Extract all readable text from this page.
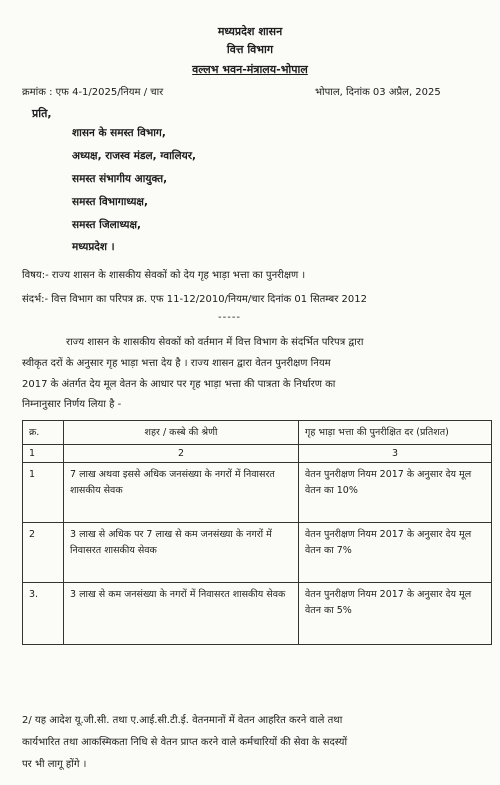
मध्यप्रदेश शासन
वित्त विभाग
वल्लभ भवन-मंत्रालय-भोपाल
क्रमांक : एफ 4-1/2025/नियम / चार	भोपाल, दिनांक 03 अप्रैल, 2025
प्रति,
शासन के समस्त विभाग,
अध्यक्ष, राजस्व मंडल, ग्वालियर,
समस्त संभागीय आयुक्त,
समस्त विभागाध्यक्ष,
समस्त जिलाध्यक्ष,
मध्यप्रदेश ।
विषय:- राज्य शासन के शासकीय सेवकों को देय गृह भाड़ा भत्ता का पुनरीक्षण ।
संदर्भ:- वित्त विभाग का परिपत्र क्र. एफ 11-12/2010/नियम/चार दिनांक 01 सितम्बर 2012
-----
राज्य शासन के शासकीय सेवकों को वर्तमान में वित्त विभाग के संदर्भित परिपत्र द्वारा
स्वीकृत दरों के अनुसार गृह भाड़ा भत्ता देय है । राज्य शासन द्वारा वेतन पुनरीक्षण नियम
2017 के अंतर्गत देय मूल वेतन के आधार पर गृह भाड़ा भत्ता की पात्रता के निर्धारण का
निम्नानुसार निर्णय लिया है -
क्र.	शहर / कस्बे की श्रेणी	गृह भाड़ा भत्ता की पुनरीक्षित दर (प्रतिशत)
1	2	3
1	7 लाख अथवा इससे अधिक जनसंख्या के नगरों में निवासरत शासकीय सेवक	वेतन पुनरीक्षण नियम 2017 के अनुसार देय मूल वेतन का 10%
2	3 लाख से अधिक पर 7 लाख से कम जनसंख्या के नगरों में निवासरत शासकीय सेवक	वेतन पुनरीक्षण नियम 2017 के अनुसार देय मूल वेतन का 7%
3.	3 लाख से कम जनसंख्या के नगरों में निवासरत शासकीय सेवक	वेतन पुनरीक्षण नियम 2017 के अनुसार देय मूल वेतन का 5%
2/ यह आदेश यू.जी.सी. तथा ए.आई.सी.टी.ई. वेतनमानों में वेतन आहरित करने वाले तथा
कार्यभारित तथा आकस्मिकता निधि से वेतन प्राप्त करने वाले कर्मचारियों की सेवा के सदस्यों
पर भी लागू होंगे ।
